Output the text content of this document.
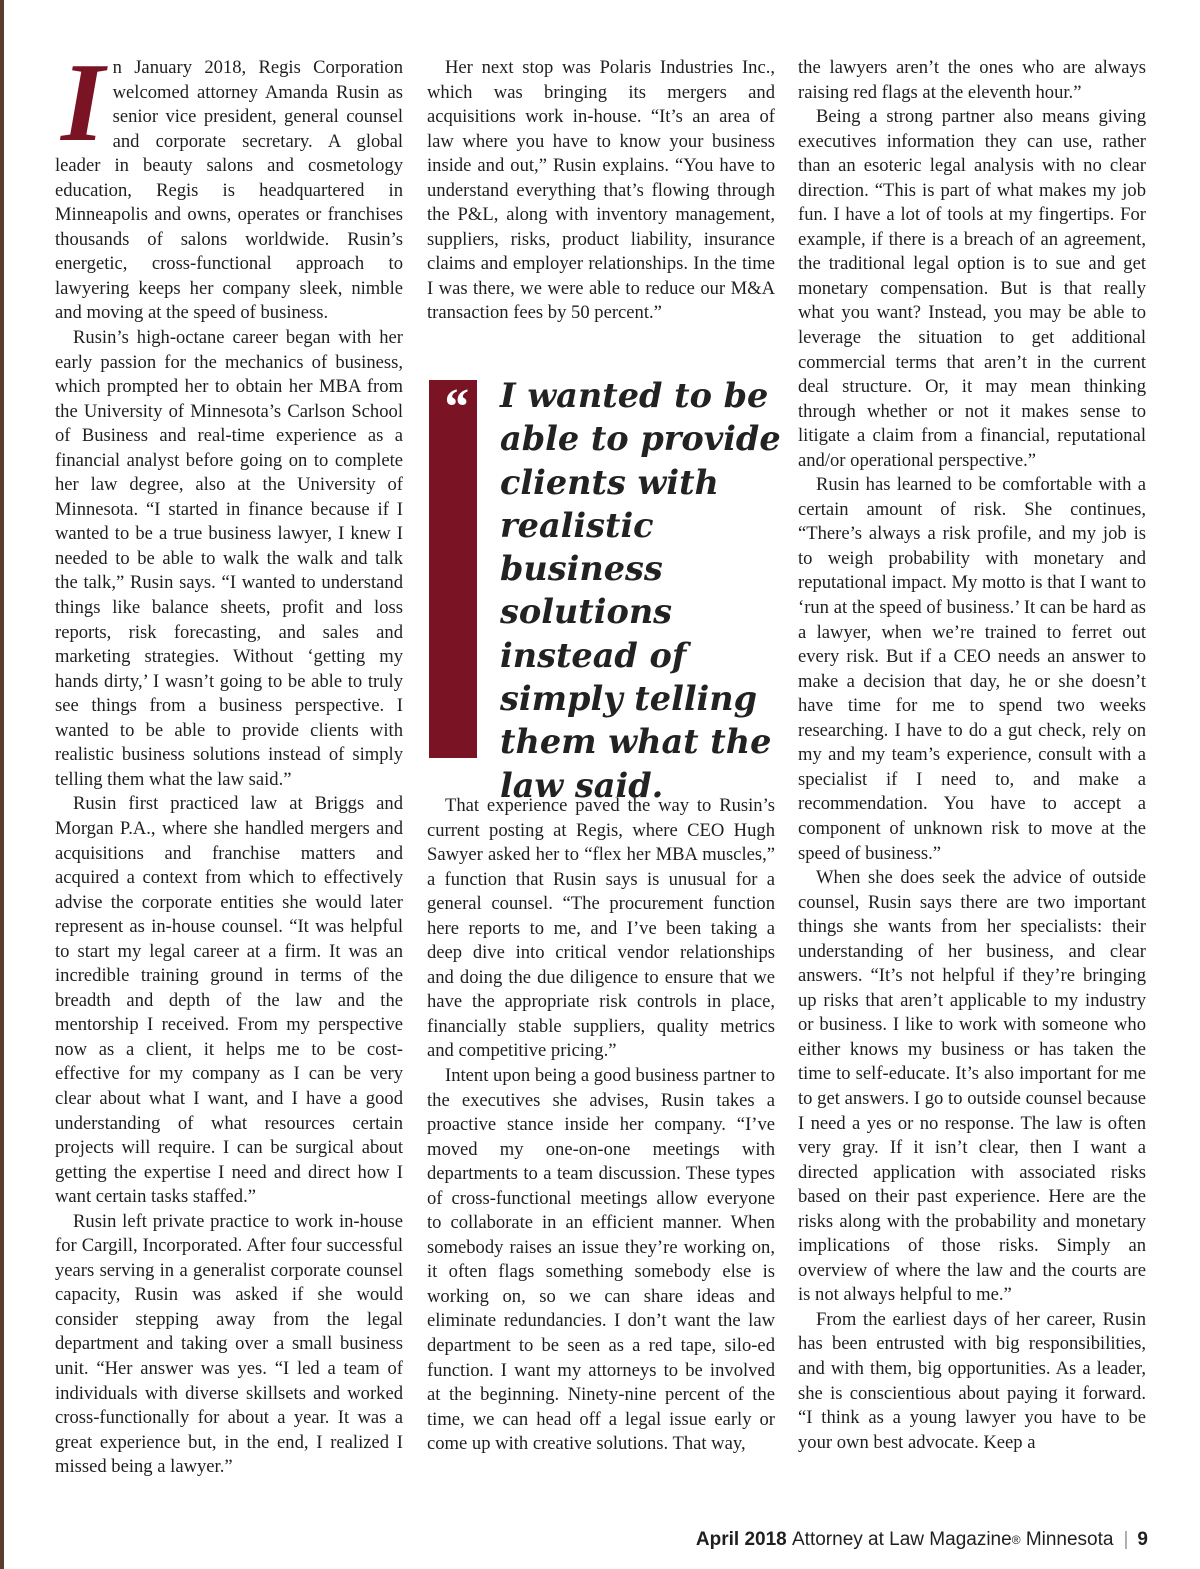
In January 2018, Regis Corporation welcomed attorney Amanda Rusin as senior vice president, general counsel and corporate secretary. A global leader in beauty salons and cosmetology education, Regis is headquartered in Minneapolis and owns, operates or franchises thousands of salons worldwide. Rusin’s energetic, cross-functional approach to lawyering keeps her company sleek, nimble and moving at the speed of business.

Rusin’s high-octane career began with her early passion for the mechanics of business, which prompted her to obtain her MBA from the University of Minnesota’s Carlson School of Business and real-time experience as a financial analyst before going on to complete her law degree, also at the University of Minnesota. “I started in finance because if I wanted to be a true business lawyer, I knew I needed to be able to walk the walk and talk the talk,” Rusin says. “I wanted to understand things like balance sheets, profit and loss reports, risk forecasting, and sales and marketing strategies. Without ‘getting my hands dirty,’ I wasn’t going to be able to truly see things from a business perspective. I wanted to be able to provide clients with realistic business solutions instead of simply telling them what the law said.”

Rusin first practiced law at Briggs and Morgan P.A., where she handled mergers and acquisitions and franchise matters and acquired a context from which to effectively advise the corporate entities she would later represent as in-house counsel. “It was helpful to start my legal career at a firm. It was an incredible training ground in terms of the breadth and depth of the law and the mentorship I received. From my perspective now as a client, it helps me to be cost-effective for my company as I can be very clear about what I want, and I have a good understanding of what resources certain projects will require. I can be surgical about getting the expertise I need and direct how I want certain tasks staffed.”

Rusin left private practice to work in-house for Cargill, Incorporated. After four successful years serving in a generalist corporate counsel capacity, Rusin was asked if she would consider stepping away from the legal department and taking over a small business unit. “Her answer was yes. “I led a team of individuals with diverse skillsets and worked cross-functionally for about a year. It was a great experience but, in the end, I realized I missed being a lawyer.”

Her next stop was Polaris Industries Inc., which was bringing its mergers and acquisitions work in-house. “It’s an area of law where you have to know your business inside and out,” Rusin explains. “You have to understand everything that’s flowing through the P&L, along with inventory management, suppliers, risks, product liability, insurance claims and employer relationships. In the time I was there, we were able to reduce our M&A transaction fees by 50 percent.”

“ I wanted to be able to provide clients with realistic business solutions instead of simply telling them what the law said.

That experience paved the way to Rusin’s current posting at Regis, where CEO Hugh Sawyer asked her to “flex her MBA muscles,” a function that Rusin says is unusual for a general counsel. “The procurement function here reports to me, and I’ve been taking a deep dive into critical vendor relationships and doing the due diligence to ensure that we have the appropriate risk controls in place, financially stable suppliers, quality metrics and competitive pricing.”

Intent upon being a good business partner to the executives she advises, Rusin takes a proactive stance inside her company. “I’ve moved my one-on-one meetings with departments to a team discussion. These types of cross-functional meetings allow everyone to collaborate in an efficient manner. When somebody raises an issue they’re working on, it often flags something somebody else is working on, so we can share ideas and eliminate redundancies. I don’t want the law department to be seen as a red tape, silo-ed function. I want my attorneys to be involved at the beginning. Ninety-nine percent of the time, we can head off a legal issue early or come up with creative solutions. That way,

the lawyers aren’t the ones who are always raising red flags at the eleventh hour.”

Being a strong partner also means giving executives information they can use, rather than an esoteric legal analysis with no clear direction. “This is part of what makes my job fun. I have a lot of tools at my fingertips. For example, if there is a breach of an agreement, the traditional legal option is to sue and get monetary compensation. But is that really what you want? Instead, you may be able to leverage the situation to get additional commercial terms that aren’t in the current deal structure. Or, it may mean thinking through whether or not it makes sense to litigate a claim from a financial, reputational and/or operational perspective.”

Rusin has learned to be comfortable with a certain amount of risk. She continues, “There’s always a risk profile, and my job is to weigh probability with monetary and reputational impact. My motto is that I want to ‘run at the speed of business.’ It can be hard as a lawyer, when we’re trained to ferret out every risk. But if a CEO needs an answer to make a decision that day, he or she doesn’t have time for me to spend two weeks researching. I have to do a gut check, rely on my and my team’s experience, consult with a specialist if I need to, and make a recommendation. You have to accept a component of unknown risk to move at the speed of business.”

When she does seek the advice of outside counsel, Rusin says there are two important things she wants from her specialists: their understanding of her business, and clear answers. “It’s not helpful if they’re bringing up risks that aren’t applicable to my industry or business. I like to work with someone who either knows my business or has taken the time to self-educate. It’s also important for me to get answers. I go to outside counsel because I need a yes or no response. The law is often very gray. If it isn’t clear, then I want a directed application with associated risks based on their past experience. Here are the risks along with the probability and monetary implications of those risks. Simply an overview of where the law and the courts are is not always helpful to me.”

From the earliest days of her career, Rusin has been entrusted with big responsibilities, and with them, big opportunities. As a leader, she is conscientious about paying it forward. “I think as a young lawyer you have to be your own best advocate. Keep a

April 2018
Attorney at Law Magazine ®
Minnesota | 9
